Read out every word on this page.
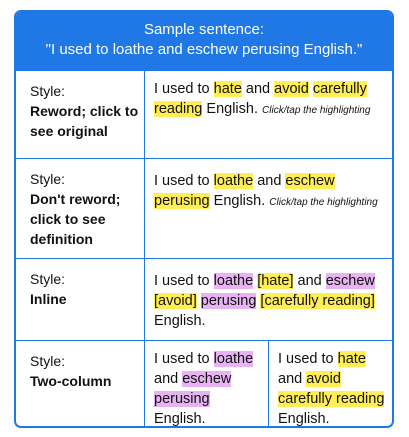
Sample sentence:
"I used to loathe and eschew perusing English."
Style:
Reword; click to see original
I used to hate and avoid carefully reading English. Click/tap the highlighting
Style:
Don't reword; click to see definition
I used to loathe and eschew perusing English. Click/tap the highlighting
Style:
Inline
I used to loathe [hate] and eschew [avoid] perusing [carefully reading] English.
Style:
Two-column
I used to loathe and eschew perusing English.
I used to hate and avoid carefully reading English.
